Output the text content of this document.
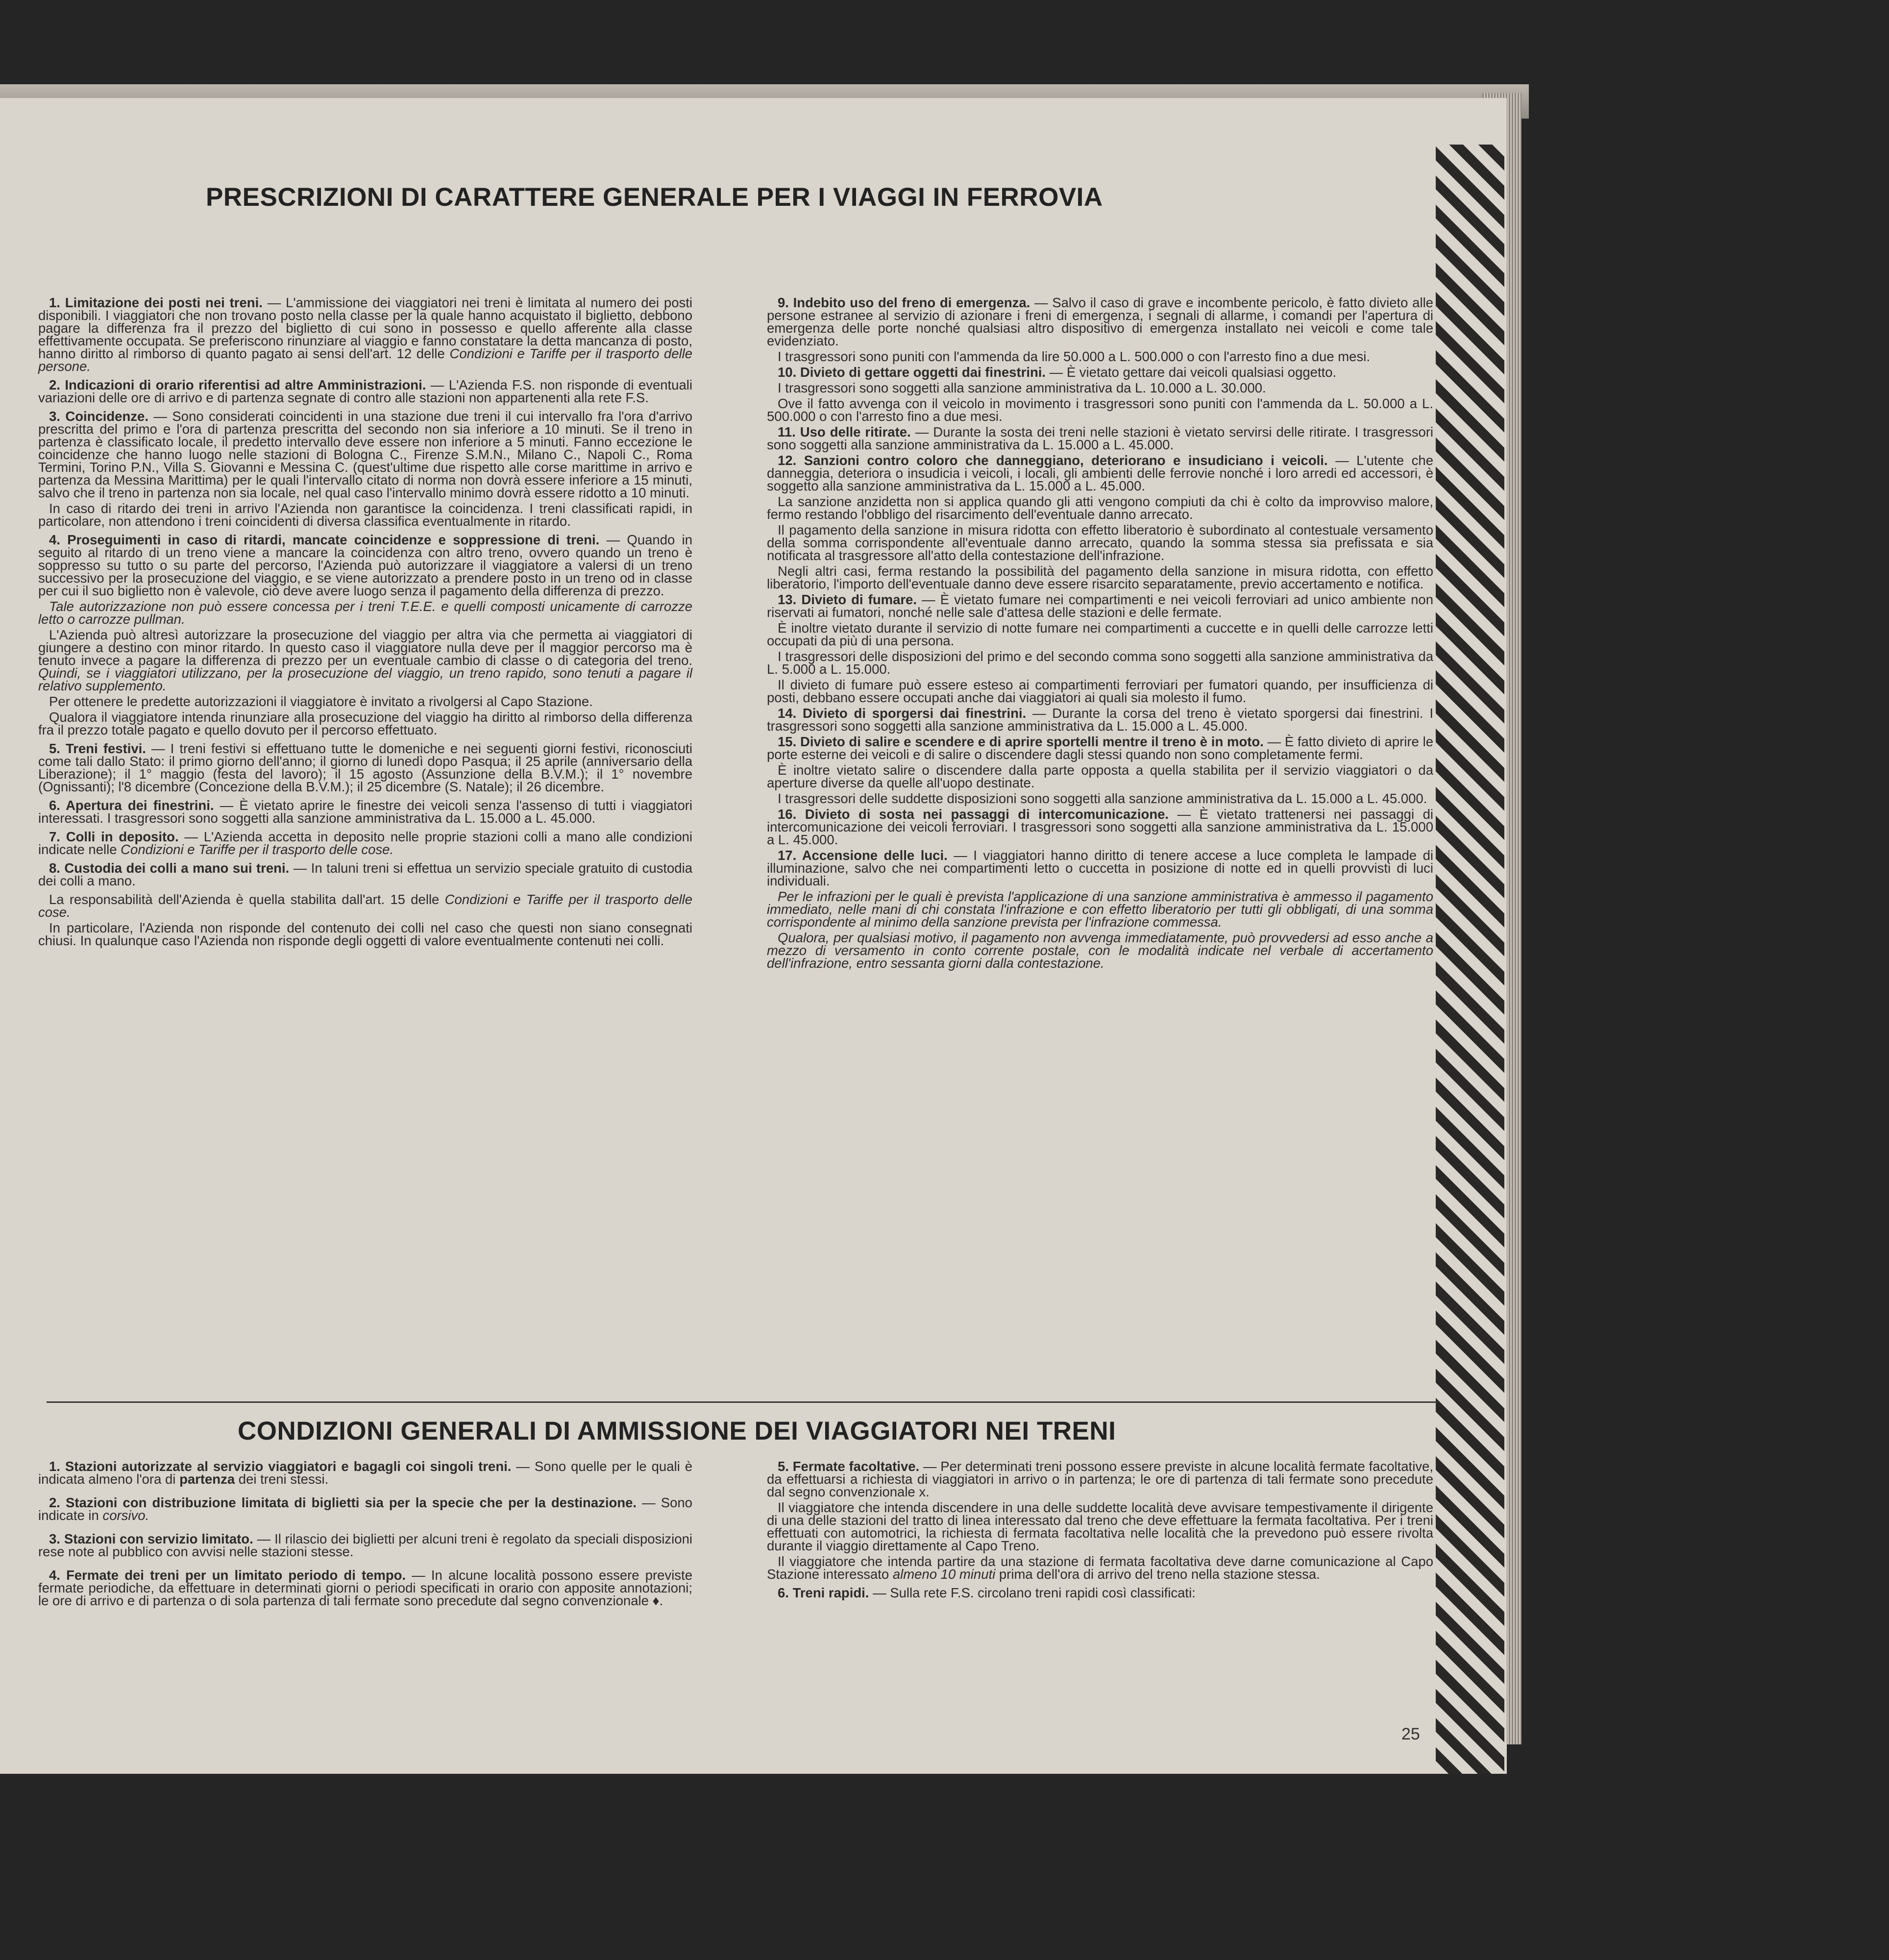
PRESCRIZIONI DI CARATTERE GENERALE PER I VIAGGI IN FERROVIA

1. Limitazione dei posti nei treni. — L'ammissione dei viaggiatori nei treni è limitata al numero dei posti disponibili. I viaggiatori che non trovano posto nella classe per la quale hanno acquistato il biglietto, debbono pagare la differenza fra il prezzo del biglietto di cui sono in possesso e quello afferente alla classe effettivamente occupata. Se preferiscono rinunziare al viaggio e fanno constatare la detta mancanza di posto, hanno diritto al rimborso di quanto pagato ai sensi dell'art. 12 delle Condizioni e Tariffe per il trasporto delle persone.

2. Indicazioni di orario riferentisi ad altre Amministrazioni. — L'Azienda F.S. non risponde di eventuali variazioni delle ore di arrivo e di partenza segnate di contro alle stazioni non appartenenti alla rete F.S.

3. Coincidenze. — Sono considerati coincidenti in una stazione due treni il cui intervallo fra l'ora d'arrivo prescritta del primo e l'ora di partenza prescritta del secondo non sia inferiore a 10 minuti. Se il treno in partenza è classificato locale, il predetto intervallo deve essere non inferiore a 5 minuti. Fanno eccezione le coincidenze che hanno luogo nelle stazioni di Bologna C., Firenze S.M.N., Milano C., Napoli C., Roma Termini, Torino P.N., Villa S. Giovanni e Messina C. (quest'ultime due rispetto alle corse marittime in arrivo e partenza da Messina Marittima) per le quali l'intervallo citato di norma non dovrà essere inferiore a 15 minuti, salvo che il treno in partenza non sia locale, nel qual caso l'intervallo minimo dovrà essere ridotto a 10 minuti.

In caso di ritardo dei treni in arrivo l'Azienda non garantisce la coincidenza. I treni classificati rapidi, in particolare, non attendono i treni coincidenti di diversa classifica eventualmente in ritardo.

4. Proseguimenti in caso di ritardi, mancate coincidenze e soppressione di treni. — Quando in seguito al ritardo di un treno viene a mancare la coincidenza con altro treno, ovvero quando un treno è soppresso su tutto o su parte del percorso, l'Azienda può autorizzare il viaggiatore a valersi di un treno successivo per la prosecuzione del viaggio, e se viene autorizzato a prendere posto in un treno od in classe per cui il suo biglietto non è valevole, ciò deve avere luogo senza il pagamento della differenza di prezzo.

Tale autorizzazione non può essere concessa per i treni T.E.E. e quelli composti unicamente di carrozze letto o carrozze pullman.

L'Azienda può altresì autorizzare la prosecuzione del viaggio per altra via che permetta ai viaggiatori di giungere a destino con minor ritardo. In questo caso il viaggiatore nulla deve per il maggior percorso ma è tenuto invece a pagare la differenza di prezzo per un eventuale cambio di classe o di categoria del treno. Quindi, se i viaggiatori utilizzano, per la prosecuzione del viaggio, un treno rapido, sono tenuti a pagare il relativo supplemento.

Per ottenere le predette autorizzazioni il viaggiatore è invitato a rivolgersi al Capo Stazione.

Qualora il viaggiatore intenda rinunziare alla prosecuzione del viaggio ha diritto al rimborso della differenza fra il prezzo totale pagato e quello dovuto per il percorso effettuato.

5. Treni festivi. — I treni festivi si effettuano tutte le domeniche e nei seguenti giorni festivi, riconosciuti come tali dallo Stato: il primo giorno dell'anno; il giorno di lunedì dopo Pasqua; il 25 aprile (anniversario della Liberazione); il 1° maggio (festa del lavoro); il 15 agosto (Assunzione della B.V.M.); il 1° novembre (Ognissanti); l'8 dicembre (Concezione della B.V.M.); il 25 dicembre (S. Natale); il 26 dicembre.

6. Apertura dei finestrini. — È vietato aprire le finestre dei veicoli senza l'assenso di tutti i viaggiatori interessati. I trasgressori sono soggetti alla sanzione amministrativa da L. 15.000 a L. 45.000.

7. Colli in deposito. — L'Azienda accetta in deposito nelle proprie stazioni colli a mano alle condizioni indicate nelle Condizioni e Tariffe per il trasporto delle cose.

8. Custodia dei colli a mano sui treni. — In taluni treni si effettua un servizio speciale gratuito di custodia dei colli a mano.

La responsabilità dell'Azienda è quella stabilita dall'art. 15 delle Condizioni e Tariffe per il trasporto delle cose.

In particolare, l'Azienda non risponde del contenuto dei colli nel caso che questi non siano consegnati chiusi. In qualunque caso l'Azienda non risponde degli oggetti di valore eventualmente contenuti nei colli.

9. Indebito uso del freno di emergenza. — Salvo il caso di grave e incombente pericolo, è fatto divieto alle persone estranee al servizio di azionare i freni di emergenza, i segnali di allarme, i comandi per l'apertura di emergenza delle porte nonché qualsiasi altro dispositivo di emergenza installato nei veicoli e come tale evidenziato.

I trasgressori sono puniti con l'ammenda da lire 50.000 a L. 500.000 o con l'arresto fino a due mesi.

10. Divieto di gettare oggetti dai finestrini. — È vietato gettare dai veicoli qualsiasi oggetto.

I trasgressori sono soggetti alla sanzione amministrativa da L. 10.000 a L. 30.000.

Ove il fatto avvenga con il veicolo in movimento i trasgressori sono puniti con l'ammenda da L. 50.000 a L. 500.000 o con l'arresto fino a due mesi.

11. Uso delle ritirate. — Durante la sosta dei treni nelle stazioni è vietato servirsi delle ritirate. I trasgressori sono soggetti alla sanzione amministrativa da L. 15.000 a L. 45.000.

12. Sanzioni contro coloro che danneggiano, deteriorano e insudiciano i veicoli. — L'utente che danneggia, deteriora o insudicia i veicoli, i locali, gli ambienti delle ferrovie nonché i loro arredi ed accessori, è soggetto alla sanzione amministrativa da L. 15.000 a L. 45.000.

La sanzione anzidetta non si applica quando gli atti vengono compiuti da chi è colto da improvviso malore, fermo restando l'obbligo del risarcimento dell'eventuale danno arrecato.

Il pagamento della sanzione in misura ridotta con effetto liberatorio è subordinato al contestuale versamento della somma corrispondente all'eventuale danno arrecato, quando la somma stessa sia prefissata e sia notificata al trasgressore all'atto della contestazione dell'infrazione.

Negli altri casi, ferma restando la possibilità del pagamento della sanzione in misura ridotta, con effetto liberatorio, l'importo dell'eventuale danno deve essere risarcito separatamente, previo accertamento e notifica.

13. Divieto di fumare. — È vietato fumare nei compartimenti e nei veicoli ferroviari ad unico ambiente non riservati ai fumatori, nonché nelle sale d'attesa delle stazioni e delle fermate.

È inoltre vietato durante il servizio di notte fumare nei compartimenti a cuccette e in quelli delle carrozze letti occupati da più di una persona.

I trasgressori delle disposizioni del primo e del secondo comma sono soggetti alla sanzione amministrativa da L. 5.000 a L. 15.000.

Il divieto di fumare può essere esteso ai compartimenti ferroviari per fumatori quando, per insufficienza di posti, debbano essere occupati anche dai viaggiatori ai quali sia molesto il fumo.

14. Divieto di sporgersi dai finestrini. — Durante la corsa del treno è vietato sporgersi dai finestrini. I trasgressori sono soggetti alla sanzione amministrativa da L. 15.000 a L. 45.000.

15. Divieto di salire e scendere e di aprire sportelli mentre il treno è in moto. — È fatto divieto di aprire le porte esterne dei veicoli e di salire o discendere dagli stessi quando non sono completamente fermi.

È inoltre vietato salire o discendere dalla parte opposta a quella stabilita per il servizio viaggiatori o da aperture diverse da quelle all'uopo destinate.

I trasgressori delle suddette disposizioni sono soggetti alla sanzione amministrativa da L. 15.000 a L. 45.000.

16. Divieto di sosta nei passaggi di intercomunicazione. — È vietato trattenersi nei passaggi di intercomunicazione dei veicoli ferroviari. I trasgressori sono soggetti alla sanzione amministrativa da L. 15.000 a L. 45.000.

17. Accensione delle luci. — I viaggiatori hanno diritto di tenere accese a luce completa le lampade di illuminazione, salvo che nei compartimenti letto o cuccetta in posizione di notte ed in quelli provvisti di luci individuali.

Per le infrazioni per le quali è prevista l'applicazione di una sanzione amministrativa è ammesso il pagamento immediato, nelle mani di chi constata l'infrazione e con effetto liberatorio per tutti gli obbligati, di una somma corrispondente al minimo della sanzione prevista per l'infrazione commessa.

Qualora, per qualsiasi motivo, il pagamento non avvenga immediatamente, può provvedersi ad esso anche a mezzo di versamento in conto corrente postale, con le modalità indicate nel verbale di accertamento dell'infrazione, entro sessanta giorni dalla contestazione.

CONDIZIONI GENERALI DI AMMISSIONE DEI VIAGGIATORI NEI TRENI

1. Stazioni autorizzate al servizio viaggiatori e bagagli coi singoli treni. — Sono quelle per le quali è indicata almeno l'ora di partenza dei treni stessi.

2. Stazioni con distribuzione limitata di biglietti sia per la specie che per la destinazione. — Sono indicate in corsivo.

3. Stazioni con servizio limitato. — Il rilascio dei biglietti per alcuni treni è regolato da speciali disposizioni rese note al pubblico con avvisi nelle stazioni stesse.

4. Fermate dei treni per un limitato periodo di tempo. — In alcune località possono essere previste fermate periodiche, da effettuare in determinati giorni o periodi specificati in orario con apposite annotazioni; le ore di arrivo e di partenza o di sola partenza di tali fermate sono precedute dal segno convenzionale ♦.

5. Fermate facoltative. — Per determinati treni possono essere previste in alcune località fermate facoltative, da effettuarsi a richiesta di viaggiatori in arrivo o in partenza; le ore di partenza di tali fermate sono precedute dal segno convenzionale x.

Il viaggiatore che intenda discendere in una delle suddette località deve avvisare tempestivamente il dirigente di una delle stazioni del tratto di linea interessato dal treno che deve effettuare la fermata facoltativa. Per i treni effettuati con automotrici, la richiesta di fermata facoltativa nelle località che la prevedono può essere rivolta durante il viaggio direttamente al Capo Treno.

Il viaggiatore che intenda partire da una stazione di fermata facoltativa deve darne comunicazione al Capo Stazione interessato almeno 10 minuti prima dell'ora di arrivo del treno nella stazione stessa.

6. Treni rapidi. — Sulla rete F.S. circolano treni rapidi così classificati:

25
